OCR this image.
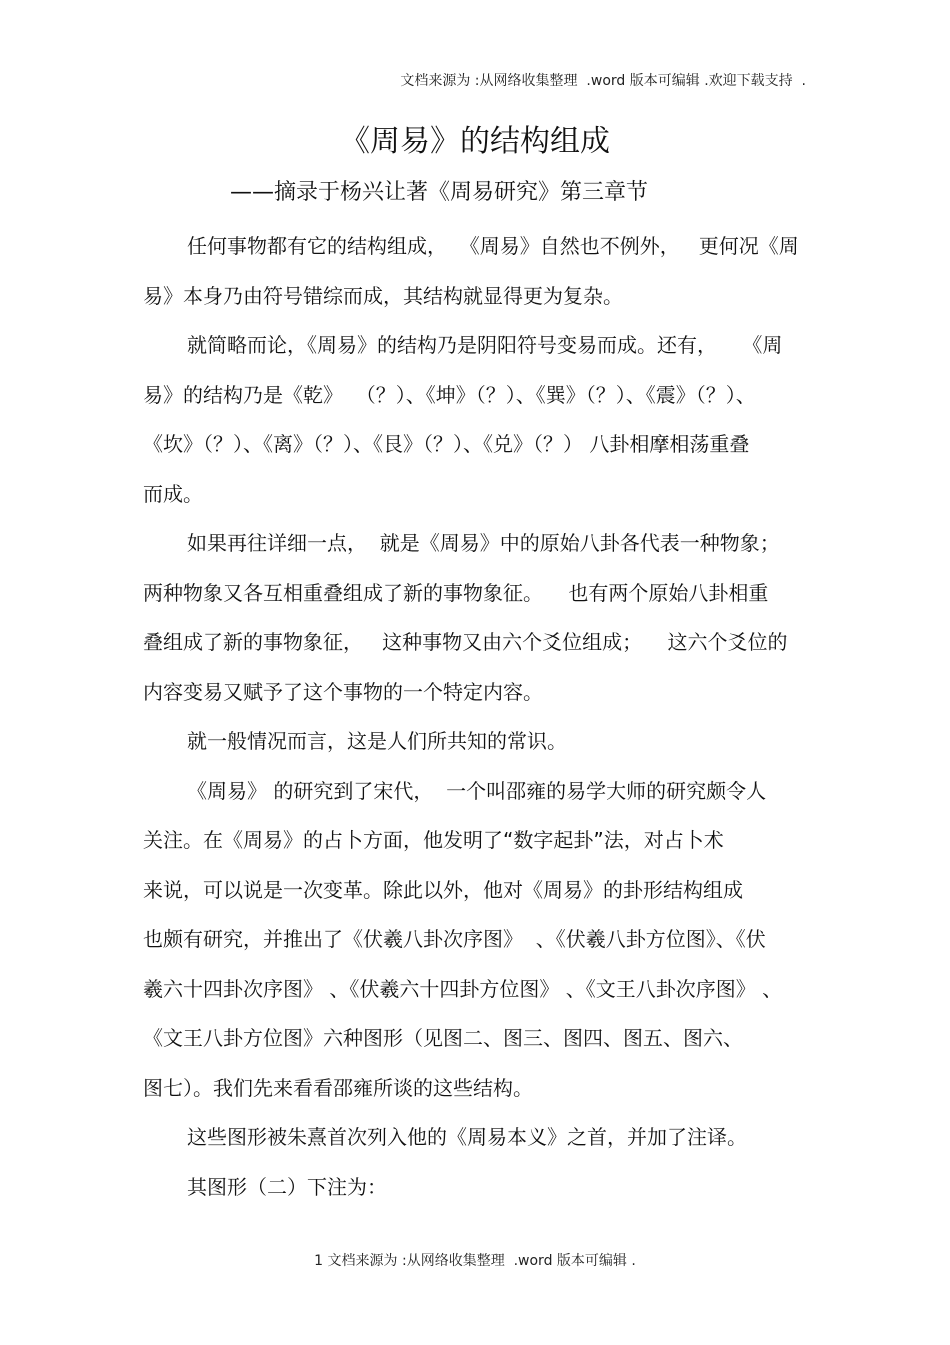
文档来源为 :从网络收集整理  .word 版本可编辑 .欢迎下载支持  .
《周易》的结构组成
——摘录于杨兴让著《周易研究》第三章节
任何事物都有它的结构组成，  《周易》自然也不例外，   更何况《周
易》本身乃由符号错综而成，其结构就显得更为复杂。
就简略而论，《周易》的结构乃是阴阳符号变易而成。还有，    《周
易》的结构乃是《乾》  （？）、《坤》（？）、《巽》（？）、《震》（？）、
《坎》（？）、《离》（？）、《艮》（？）、《兑》（？） 八卦相摩相荡重叠
而成。
如果再往详细一点，  就是《周易》中的原始八卦各代表一种物象；
两种物象又各互相重叠组成了新的事物象征。    也有两个原始八卦相重
叠组成了新的事物象征，   这种事物又由六个爻位组成；    这六个爻位的
内容变易又赋予了这个事物的一个特定内容。
就一般情况而言，这是人们所共知的常识。
《周易》 的研究到了宋代，  一个叫邵雍的易学大师的研究颇令人
关注。在《周易》的占卜方面，他发明了“数字起卦”法，对占卜术
来说，可以说是一次变革。除此以外，他对《周易》的卦形结构组成
也颇有研究，并推出了《伏羲八卦次序图》  、《伏羲八卦方位图》、《伏
羲六十四卦次序图》 、《伏羲六十四卦方位图》 、《文王八卦次序图》 、
《文王八卦方位图》六种图形（见图二、图三、图四、图五、图六、
图七）。我们先来看看邵雍所谈的这些结构。
这些图形被朱熹首次列入他的《周易本义》之首，并加了注译。
其图形（二）下注为：
1 文档来源为 :从网络收集整理  .word 版本可编辑 .
